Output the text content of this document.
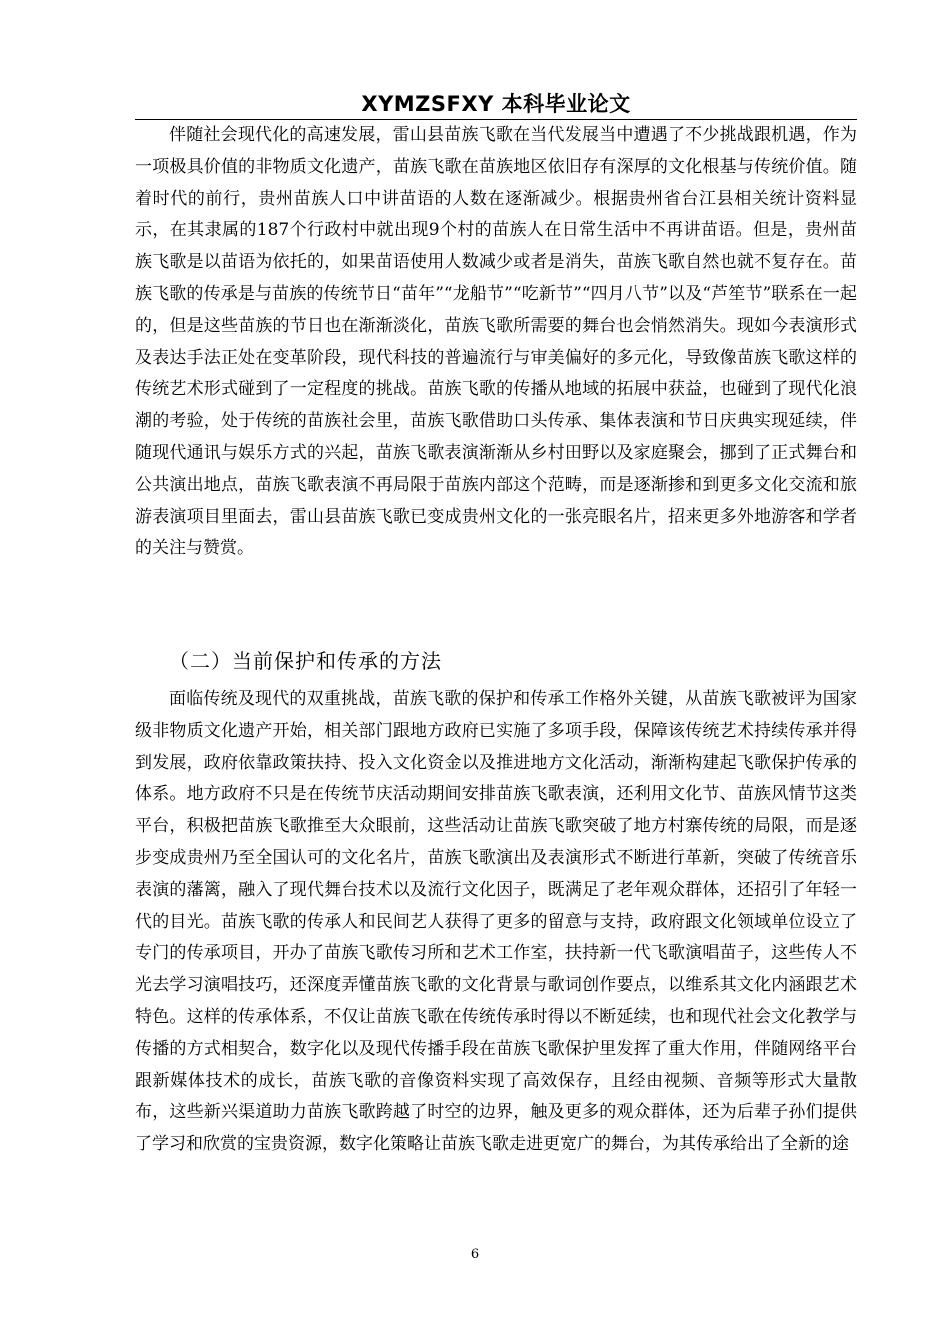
XYMZSFXY 本科毕业论文

伴随社会现代化的高速发展，雷山县苗族飞歌在当代发展当中遭遇了不少挑战跟机遇，作为一项极具价值的非物质文化遗产，苗族飞歌在苗族地区依旧存有深厚的文化根基与传统价值。随着时代的前行，贵州苗族人口中讲苗语的人数在逐渐减少。根据贵州省台江县相关统计资料显示，在其隶属的187个行政村中就出现9个村的苗族人在日常生活中不再讲苗语。但是，贵州苗族飞歌是以苗语为依托的，如果苗语使用人数减少或者是消失，苗族飞歌自然也就不复存在。苗族飞歌的传承是与苗族的传统节日“苗年”“龙船节”“吃新节”“四月八节”以及“芦笙节”联系在一起的，但是这些苗族的节日也在渐渐淡化，苗族飞歌所需要的舞台也会悄然消失。现如今表演形式及表达手法正处在变革阶段，现代科技的普遍流行与审美偏好的多元化，导致像苗族飞歌这样的传统艺术形式碰到了一定程度的挑战。苗族飞歌的传播从地域的拓展中获益，也碰到了现代化浪潮的考验，处于传统的苗族社会里，苗族飞歌借助口头传承、集体表演和节日庆典实现延续，伴随现代通讯与娱乐方式的兴起，苗族飞歌表演渐渐从乡村田野以及家庭聚会，挪到了正式舞台和公共演出地点，苗族飞歌表演不再局限于苗族内部这个范畴，而是逐渐掺和到更多文化交流和旅游表演项目里面去，雷山县苗族飞歌已变成贵州文化的一张亮眼名片，招来更多外地游客和学者的关注与赞赏。

（二）当前保护和传承的方法

面临传统及现代的双重挑战，苗族飞歌的保护和传承工作格外关键，从苗族飞歌被评为国家级非物质文化遗产开始，相关部门跟地方政府已实施了多项手段，保障该传统艺术持续传承并得到发展，政府依靠政策扶持、投入文化资金以及推进地方文化活动，渐渐构建起飞歌保护传承的体系。地方政府不只是在传统节庆活动期间安排苗族飞歌表演，还利用文化节、苗族风情节这类平台，积极把苗族飞歌推至大众眼前，这些活动让苗族飞歌突破了地方村寨传统的局限，而是逐步变成贵州乃至全国认可的文化名片，苗族飞歌演出及表演形式不断进行革新，突破了传统音乐表演的藩篱，融入了现代舞台技术以及流行文化因子，既满足了老年观众群体，还招引了年轻一代的目光。苗族飞歌的传承人和民间艺人获得了更多的留意与支持，政府跟文化领域单位设立了专门的传承项目，开办了苗族飞歌传习所和艺术工作室，扶持新一代飞歌演唱苗子，这些传人不光去学习演唱技巧，还深度弄懂苗族飞歌的文化背景与歌词创作要点，以维系其文化内涵跟艺术特色。这样的传承体系，不仅让苗族飞歌在传统传承时得以不断延续，也和现代社会文化教学与传播的方式相契合，数字化以及现代传播手段在苗族飞歌保护里发挥了重大作用，伴随网络平台跟新媒体技术的成长，苗族飞歌的音像资料实现了高效保存，且经由视频、音频等形式大量散布，这些新兴渠道助力苗族飞歌跨越了时空的边界，触及更多的观众群体，还为后辈子孙们提供了学习和欣赏的宝贵资源，数字化策略让苗族飞歌走进更宽广的舞台，为其传承给出了全新的途

6
